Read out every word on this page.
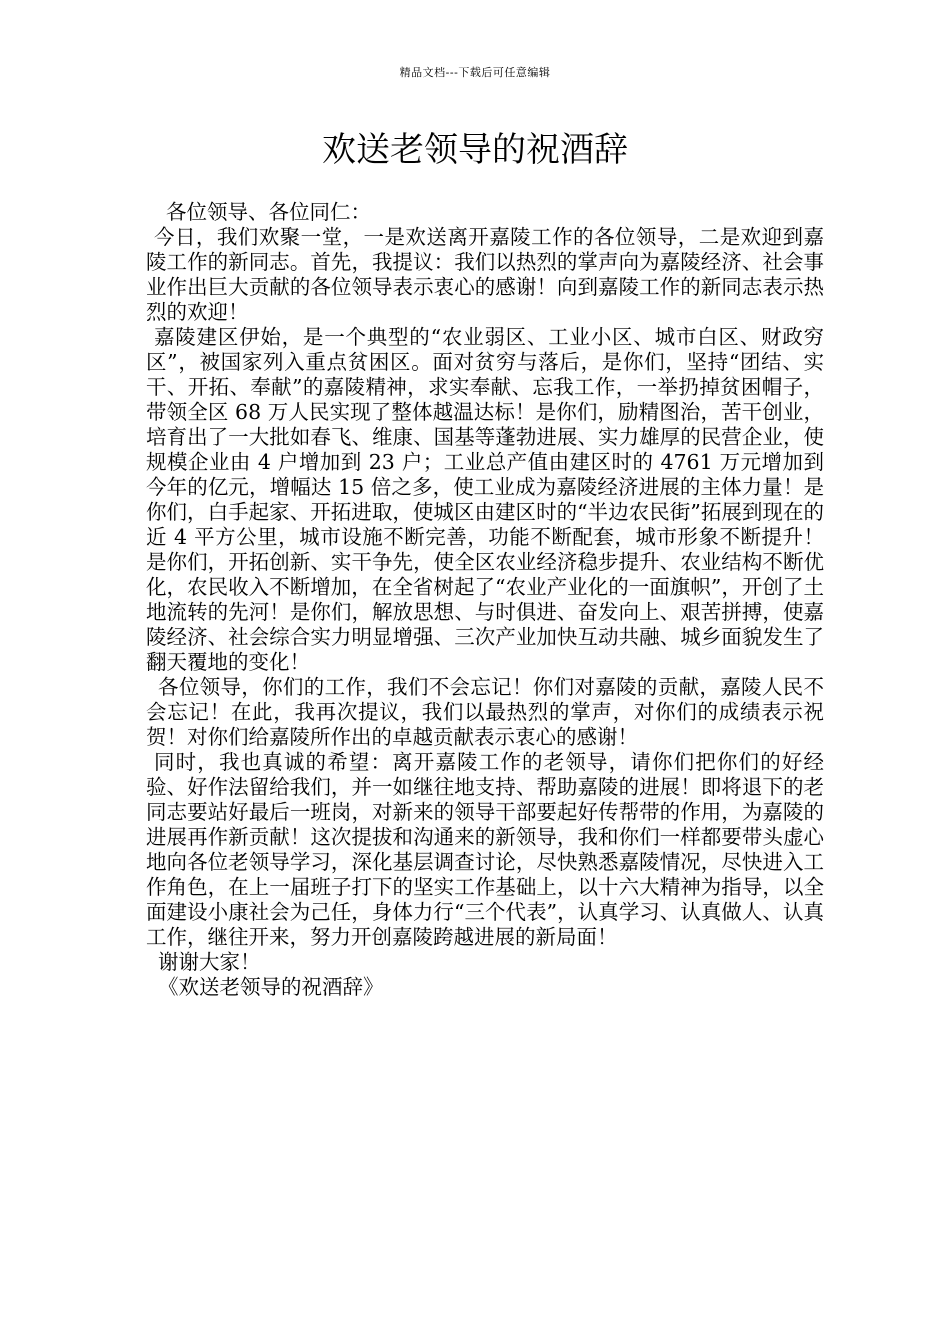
精品文档---下载后可任意编辑
欢送老领导的祝酒辞

各位领导、各位同仁：

今日，我们欢聚一堂，一是欢送离开嘉陵工作的各位领导，二是欢迎到嘉陵工作的新同志。首先，我提议：我们以热烈的掌声向为嘉陵经济、社会事业作出巨大贡献的各位领导表示衷心的感谢！向到嘉陵工作的新同志表示热烈的欢迎！

嘉陵建区伊始，是一个典型的“农业弱区、工业小区、城市白区、财政穷区”，被国家列入重点贫困区。面对贫穷与落后，是你们，坚持“团结、实干、开拓、奉献”的嘉陵精神，求实奉献、忘我工作，一举扔掉贫困帽子，带领全区 68 万人民实现了整体越温达标！是你们，励精图治，苦干创业，培育出了一大批如春飞、维康、国基等蓬勃进展、实力雄厚的民营企业，使规模企业由 4 户增加到 23 户；工业总产值由建区时的 4761 万元增加到今年的亿元，增幅达 15 倍之多，使工业成为嘉陵经济进展的主体力量！是你们，白手起家、开拓进取，使城区由建区时的“半边农民街”拓展到现在的近 4 平方公里，城市设施不断完善，功能不断配套，城市形象不断提升！是你们，开拓创新、实干争先，使全区农业经济稳步提升、农业结构不断优化，农民收入不断增加，在全省树起了“农业产业化的一面旗帜”，开创了土地流转的先河！是你们，解放思想、与时俱进、奋发向上、艰苦拼搏，使嘉陵经济、社会综合实力明显增强、三次产业加快互动共融、城乡面貌发生了翻天覆地的变化！

各位领导，你们的工作，我们不会忘记！你们对嘉陵的贡献，嘉陵人民不会忘记！在此，我再次提议，我们以最热烈的掌声，对你们的成绩表示祝贺！对你们给嘉陵所作出的卓越贡献表示衷心的感谢！

同时，我也真诚的希望：离开嘉陵工作的老领导，请你们把你们的好经验、好作法留给我们，并一如继往地支持、帮助嘉陵的进展！即将退下的老同志要站好最后一班岗，对新来的领导干部要起好传帮带的作用，为嘉陵的进展再作新贡献！这次提拔和沟通来的新领导，我和你们一样都要带头虚心地向各位老领导学习，深化基层调查讨论，尽快熟悉嘉陵情况，尽快进入工作角色，在上一届班子打下的坚实工作基础上，以十六大精神为指导，以全面建设小康社会为己任，身体力行“三个代表”，认真学习、认真做人、认真工作，继往开来，努力开创嘉陵跨越进展的新局面！

谢谢大家！

《欢送老领导的祝酒辞》
